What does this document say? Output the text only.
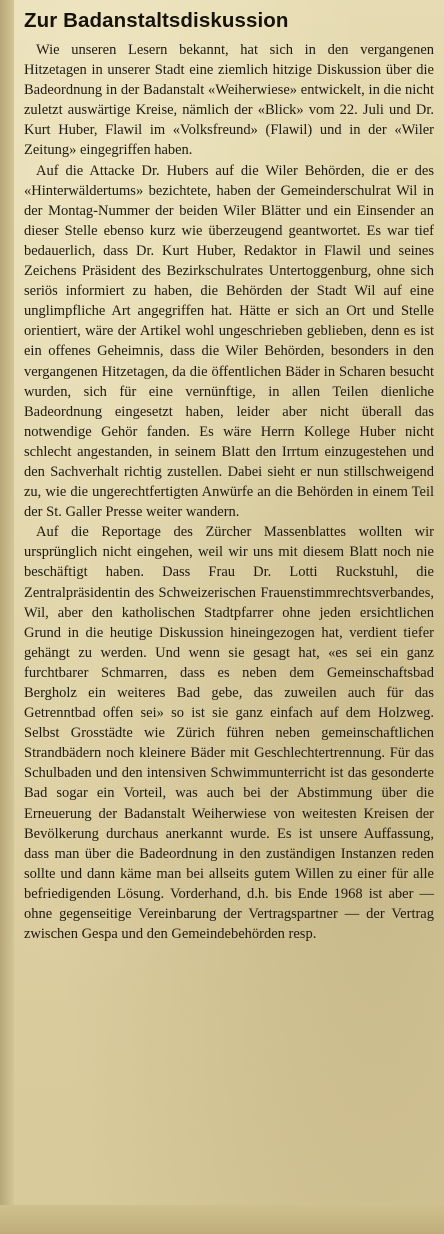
Zur Badanstaltsdiskussion

Wie unseren Lesern bekannt, hat sich in den vergangenen Hitzetagen in unserer Stadt eine ziemlich hitzige Diskussion über die Badeordnung in der Badanstalt «Weiherwiese» entwickelt, in die nicht zuletzt auswärtige Kreise, nämlich der «Blick» vom 22. Juli und Dr. Kurt Huber, Flawil im «Volksfreund» (Flawil) und in der «Wiler Zeitung» eingegriffen haben.

Auf die Attacke Dr. Hubers auf die Wiler Behörden, die er des «Hinterwäldertums» bezichtete, haben der Gemeinderschulrat Wil in der Montag-Nummer der beiden Wiler Blätter und ein Einsender an dieser Stelle ebenso kurz wie überzeugend geantwortet. Es war tief bedauerlich, dass Dr. Kurt Huber, Redaktor in Flawil und seines Zeichens Präsident des Bezirkschulrates Untertoggenburg, ohne sich seriös informiert zu haben, die Behörden der Stadt Wil auf eine unglimpfliche Art angegriffen hat. Hätte er sich an Ort und Stelle orientiert, wäre der Artikel wohl ungeschrieben geblieben, denn es ist ein offenes Geheimnis, dass die Wiler Behörden, besonders in den vergangenen Hitzetagen, da die öffentlichen Bäder in Scharen besucht wurden, sich für eine vernünftige, in allen Teilen dienliche Badeordnung eingesetzt haben, leider aber nicht überall das notwendige Gehör fanden. Es wäre Herrn Kollege Huber nicht schlecht angestanden, in seinem Blatt den Irrtum einzugestehen und den Sachverhalt richtig zustellen. Dabei sieht er nun stillschweigend zu, wie die ungerechtfertigten Anwürfe an die Behörden in einem Teil der St. Galler Presse weiter wandern.

Auf die Reportage des Zürcher Massenblattes wollten wir ursprünglich nicht eingehen, weil wir uns mit diesem Blatt noch nie beschäftigt haben. Dass Frau Dr. Lotti Ruckstuhl, die Zentralpräsidentin des Schweizerischen Frauenstimmrechtsverbandes, Wil, aber den katholischen Stadtpfarrer ohne jeden ersichtlichen Grund in die heutige Diskussion hineingezogen hat, verdient tiefer gehängt zu werden. Und wenn sie gesagt hat, «es sei ein ganz furchtbarer Schmarren, dass es neben dem Gemeinschaftsbad Bergholz ein weiteres Bad gebe, das zuweilen auch für das Getrenntbad offen sei» so ist sie ganz einfach auf dem Holzweg. Selbst Grosstädte wie Zürich führen neben gemeinschaftlichen Strandbädern noch kleinere Bäder mit Geschlechtertrennung. Für das Schulbaden und den intensiven Schwimmunterricht ist das gesonderte Bad sogar ein Vorteil, was auch bei der Abstimmung über die Erneuerung der Badanstalt Weiherwiese von weitesten Kreisen der Bevölkerung durchaus anerkannt wurde. Es ist unsere Auffassung, dass man über die Badeordnung in den zuständigen Instanzen reden sollte und dann käme man bei allseits gutem Willen zu einer für alle befriedigenden Lösung. Vorderhand, d.h. bis Ende 1968 ist aber — ohne gegenseitige Vereinbarung der Vertragspartner — der Vertrag zwischen Gespa und den Gemeindebehörden resp.
